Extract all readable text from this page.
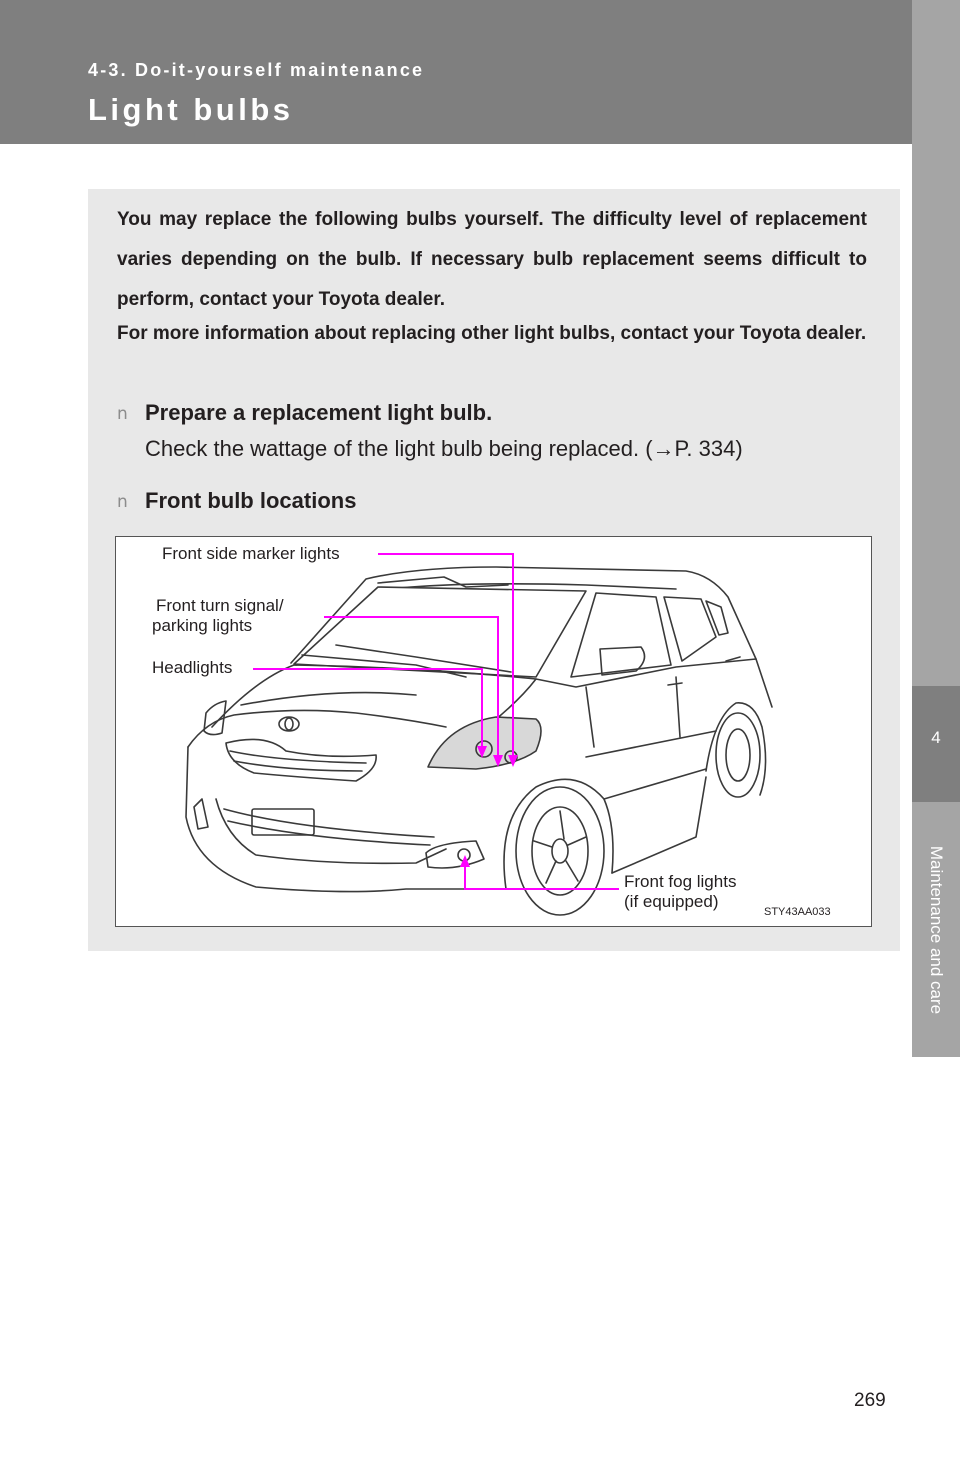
4-3. Do-it-yourself maintenance
Light bulbs
4
Maintenance and care

You may replace the following bulbs yourself. The difficulty level of replacement varies depending on the bulb. If necessary bulb replacement seems difficult to perform, contact your Toyota dealer.

For more information about replacing other light bulbs, contact your Toyota dealer.

n Prepare a replacement light bulb.
Check the wattage of the light bulb being replaced. (→P. 334)
n Front bulb locations
Front side marker lights
Front turn signal/
parking lights
Headlights
Front fog lights
(if equipped)
STY43AA033
269
